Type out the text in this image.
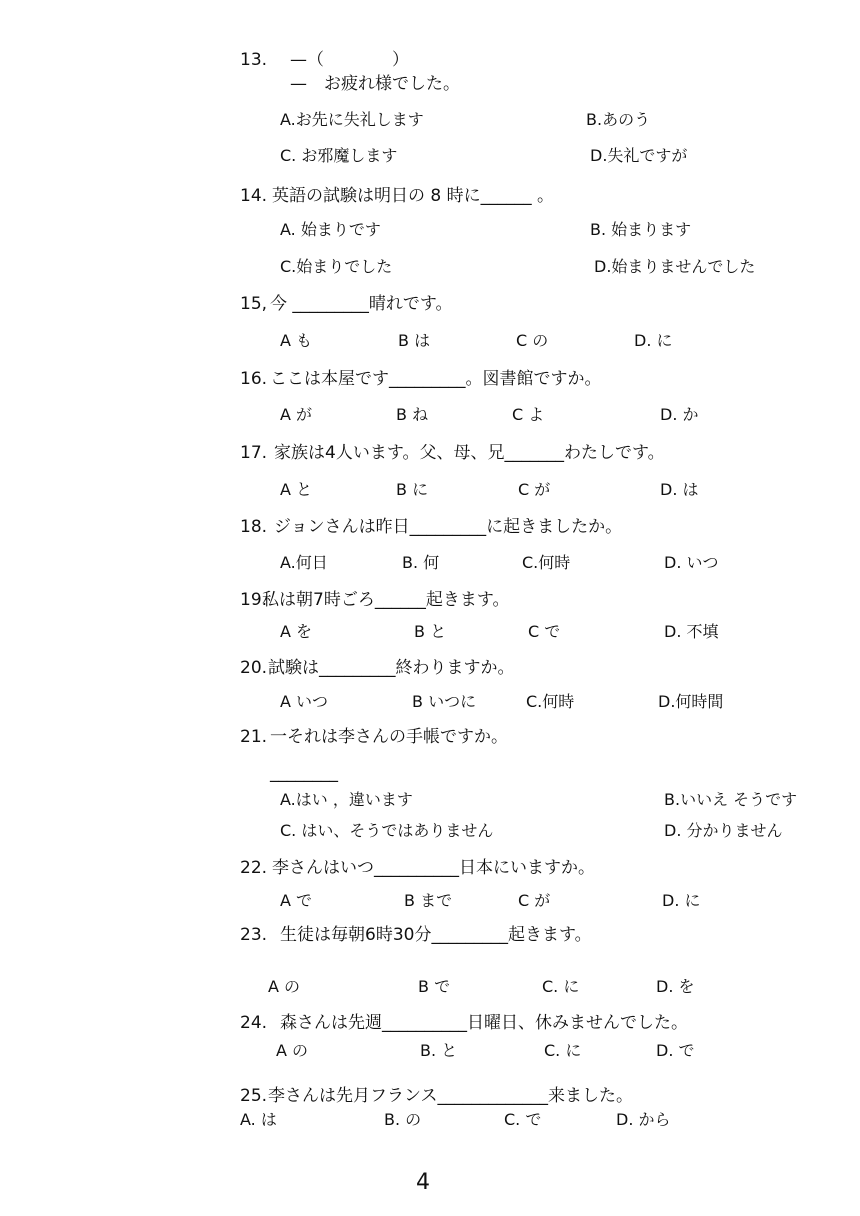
13. —（　　　　）
—　お疲れ様でした。
A.お先に失礼します	B.あのう
C. お邪魔します	D.失礼ですが
14. 英語の試験は明日の 8 時に______ 。
A. 始まりです	B. 始まります
C.始まりでした	D.始まりませんでした
15, 今 _________晴れです。
A も	B は	C の	D. に
16. ここは本屋です_________。図書館ですか。
A が	B ね	C よ	D. か
17. 家族は4人います。父、母、兄_______わたしです。
A と	B に	C が	D. は
18. ジョンさんは昨日_________に起きましたか。
A.何日	B. 何	C.何時	D. いつ
19.
私は朝7時ごろ______起きます。
A を	B と	C で	D. 不填
20. 試験は_________終わりますか。
A いつ	B いつに	C.何時	D.何時間
21. 一それは李さんの手帳ですか。
________
A.はい ，違います	B.いいえ そうです
C. はい、そうではありません	D. 分かりません
22. 李さんはいつ__________日本にいますか。
A で	B まで	C が	D. に
23. 生徒は毎朝6時30分_________起きます。
A の	B で	C. に	D. を
24. 森さんは先週__________日曜日、休みませんでした。
A の	B. と	C. に	D. で
25. 李さんは先月フランス_____________来ました。
A. は	B. の	C. で	D. から
4
